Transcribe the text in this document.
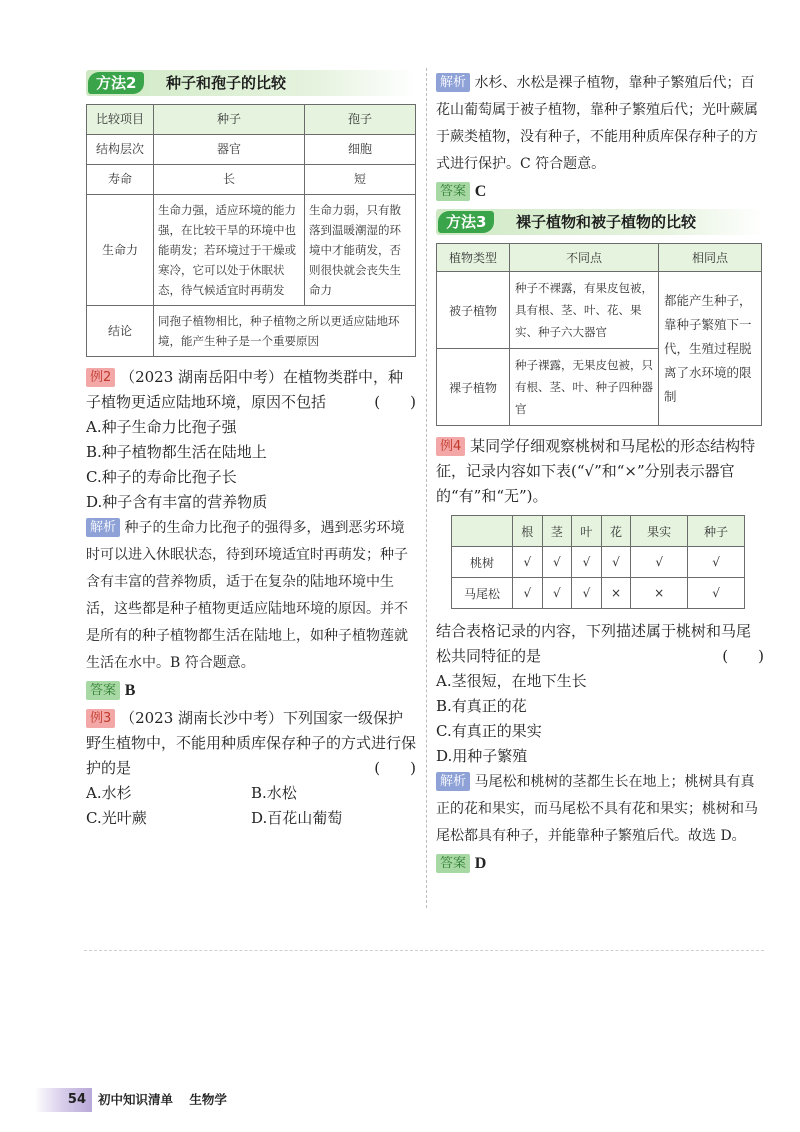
方法2	种子和孢子的比较
比较项目	种子	孢子
结构层次	器官	细胞
寿命	长	短
生命力	生命力强，适应环境的能力强，在比较干旱的环境中也能萌发；若环境过于干燥或寒冷，它可以处于休眠状态，待气候适宜时再萌发	生命力弱，只有散落到温暖潮湿的环境中才能萌发，否则很快就会丧失生命力
结论	同孢子植物相比，种子植物之所以更适应陆地环境，能产生种子是一个重要原因	

例2 （2023 湖南岳阳中考）在植物类群中，种子植物更适应陆地环境，原因不包括	(　　)

A.种子生命力比孢子强

B.种子植物都生活在陆地上

C.种子的寿命比孢子长

D.种子含有丰富的营养物质

解析 种子的生命力比孢子的强得多，遇到恶劣环境时可以进入休眠状态，待到环境适宜时再萌发；种子含有丰富的营养物质，适于在复杂的陆地环境中生活，这些都是种子植物更适应陆地环境的原因。并不是所有的种子植物都生活在陆地上，如种子植物莲就生活在水中。B 符合题意。

答案 B

例3 （2023 湖南长沙中考）下列国家一级保护野生植物中，不能用种质库保存种子的方式进行保护的是	(　　)

A.水杉	B.水松
C.光叶蕨	D.百花山葡萄

解析 水杉、水松是裸子植物，靠种子繁殖后代；百花山葡萄属于被子植物，靠种子繁殖后代；光叶蕨属于蕨类植物，没有种子，不能用种质库保存种子的方式进行保护。C 符合题意。

答案 C

方法3	裸子植物和被子植物的比较
植物类型	不同点	相同点
被子植物	种子不裸露，有果皮包被，具有根、茎、叶、花、果实、种子六大器官	都能产生种子，靠种子繁殖下一代，生殖过程脱离了水环境的限制
裸子植物	种子裸露，无果皮包被，只有根、茎、叶、种子四种器官	

例4 某同学仔细观察桃树和马尾松的形态结构特征，记录内容如下表(“√”和“×”分别表示器官的“有”和“无”)。

	根	茎	叶	花	果实	种子
桃树	√	√	√	√	√	√
马尾松	√	√	√	×	×	√

结合表格记录的内容，下列描述属于桃树和马尾松共同特征的是	(　　)

A.茎很短，在地下生长

B.有真正的花

C.有真正的果实

D.用种子繁殖

解析 马尾松和桃树的茎都生长在地上；桃树具有真正的花和果实，而马尾松不具有花和果实；桃树和马尾松都具有种子，并能靠种子繁殖后代。故选 D。

答案 D

54 初中知识清单 生物学
